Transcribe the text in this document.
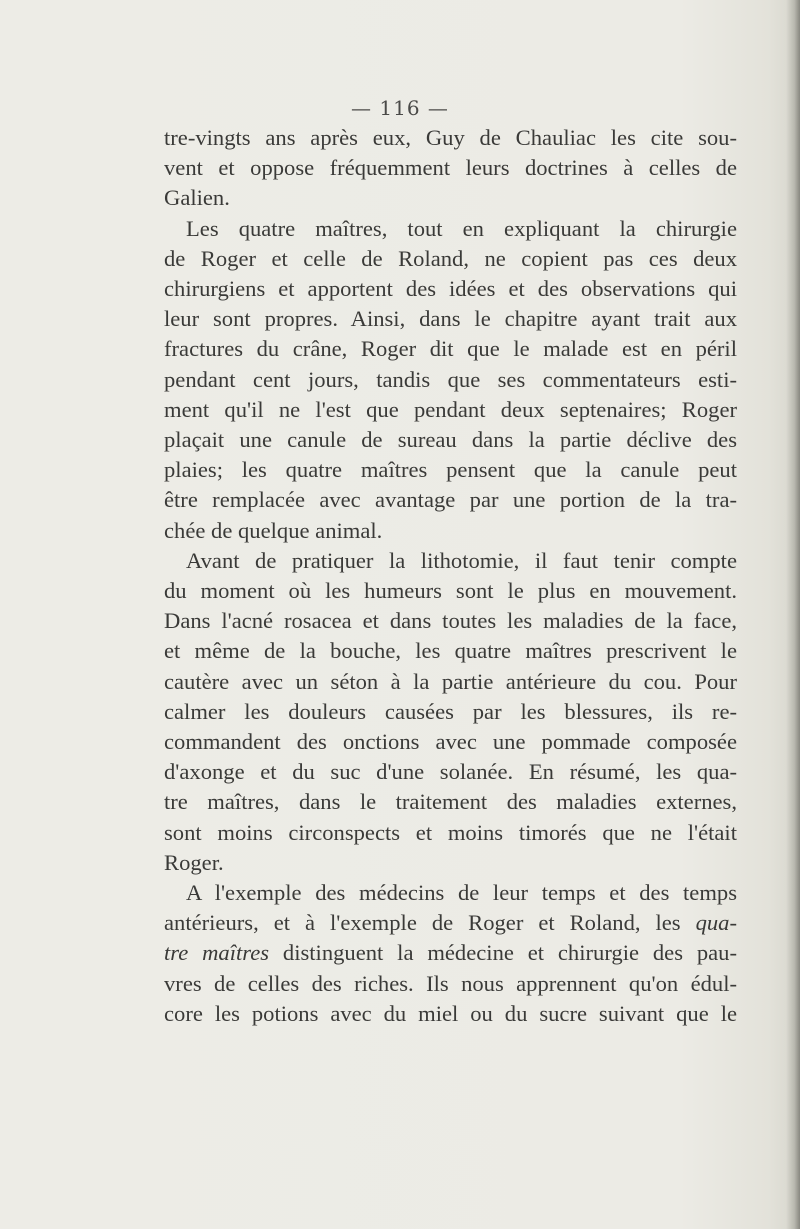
— 116 —
tre-vingts ans après eux, Guy de Chauliac les cite sou-
vent et oppose fréquemment leurs doctrines à celles de
Galien.
Les quatre maîtres, tout en expliquant la chirurgie
de Roger et celle de Roland, ne copient pas ces deux
chirurgiens et apportent des idées et des observations qui
leur sont propres. Ainsi, dans le chapitre ayant trait aux
fractures du crâne, Roger dit que le malade est en péril
pendant cent jours, tandis que ses commentateurs esti-
ment qu'il ne l'est que pendant deux septenaires; Roger
plaçait une canule de sureau dans la partie déclive des
plaies; les quatre maîtres pensent que la canule peut
être remplacée avec avantage par une portion de la tra-
chée de quelque animal.
Avant de pratiquer la lithotomie, il faut tenir compte
du moment où les humeurs sont le plus en mouvement.
Dans l'acné rosacea et dans toutes les maladies de la face,
et même de la bouche, les quatre maîtres prescrivent le
cautère avec un séton à la partie antérieure du cou. Pour
calmer les douleurs causées par les blessures, ils re-
commandent des onctions avec une pommade composée
d'axonge et du suc d'une solanée. En résumé, les qua-
tre maîtres, dans le traitement des maladies externes,
sont moins circonspects et moins timorés que ne l'était
Roger.
A l'exemple des médecins de leur temps et des temps
antérieurs, et à l'exemple de Roger et Roland, les qua-
tre maîtres distinguent la médecine et chirurgie des pau-
vres de celles des riches. Ils nous apprennent qu'on édul-
core les potions avec du miel ou du sucre suivant que le
